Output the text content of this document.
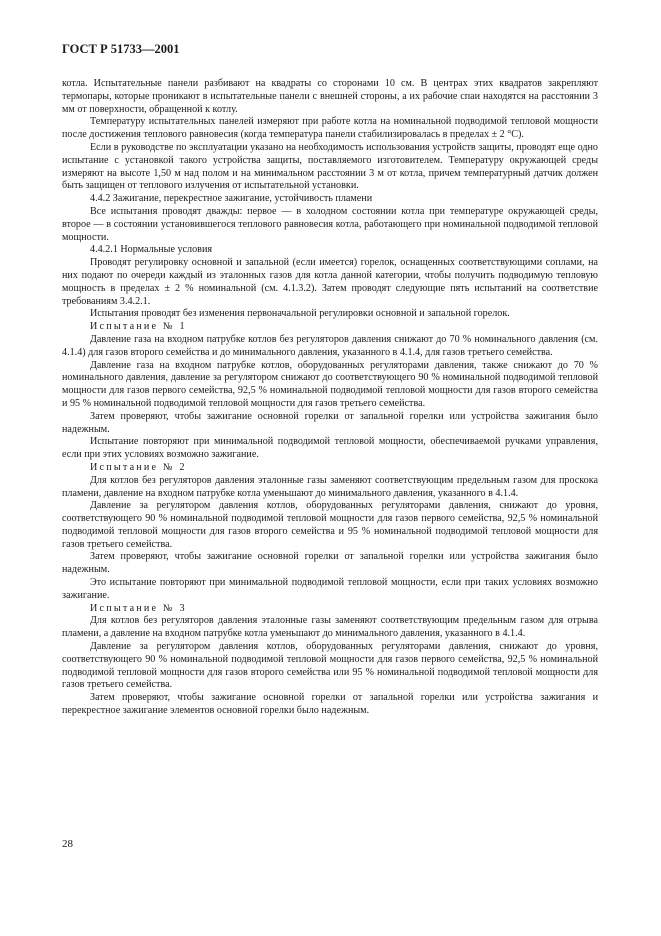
ГОСТ Р 51733—2001

котла. Испытательные панели разбивают на квадраты со сторонами 10 см. В центрах этих квадратов закрепляют термопары, которые проникают в испытательные панели с внешней стороны, а их рабочие спаи находятся на расстоянии 3 мм от поверхности, обращенной к котлу.

Температуру испытательных панелей измеряют при работе котла на номинальной подводимой тепловой мощности после достижения теплового равновесия (когда температура панели стабилизировалась в пределах ± 2 °С).

Если в руководстве по эксплуатации указано на необходимость использования устройств защиты, проводят еще одно испытание с установкой такого устройства защиты, поставляемого изготовителем. Температуру окружающей среды измеряют на высоте 1,50 м над полом и на минимальном расстоянии 3 м от котла, причем температурный датчик должен быть защищен от теплового излучения от испытательной установки.

4.4.2 Зажигание, перекрестное зажигание, устойчивость пламени

Все испытания проводят дважды: первое — в холодном состоянии котла при температуре окружающей среды, второе — в состоянии установившегося теплового равновесия котла, работающего при номинальной подводимой тепловой мощности.

4.4.2.1 Нормальные условия

Проводят регулировку основной и запальной (если имеется) горелок, оснащенных соответствующими соплами, на них подают по очереди каждый из эталонных газов для котла данной категории, чтобы получить подводимую тепловую мощность в пределах ± 2 % номинальной (см. 4.1.3.2). Затем проводят следующие пять испытаний на соответствие требованиям 3.4.2.1.

Испытания проводят без изменения первоначальной регулировки основной и запальной горелок.

Испытание № 1

Давление газа на входном патрубке котлов без регуляторов давления снижают до 70 % номинального давления (см. 4.1.4) для газов второго семейства и до минимального давления, указанного в 4.1.4, для газов третьего семейства.

Давление газа на входном патрубке котлов, оборудованных регуляторами давления, также снижают до 70 % номинального давления, давление за регулятором снижают до соответствующего 90 % номинальной подводимой тепловой мощности для газов первого семейства, 92,5 % номинальной подводимой тепловой мощности для газов второго семейства и 95 % номинальной подводимой тепловой мощности для газов третьего семейства.

Затем проверяют, чтобы зажигание основной горелки от запальной горелки или устройства зажигания было надежным.

Испытание повторяют при минимальной подводимой тепловой мощности, обеспечиваемой ручками управления, если при этих условиях возможно зажигание.

Испытание № 2

Для котлов без регуляторов давления эталонные газы заменяют соответствующим предельным газом для проскока пламени, давление на входном патрубке котла уменьшают до минимального давления, указанного в 4.1.4.

Давление за регулятором давления котлов, оборудованных регуляторами давления, снижают до уровня, соответствующего 90 % номинальной подводимой тепловой мощности для газов первого семейства, 92,5 % номинальной подводимой тепловой мощности для газов второго семейства и 95 % номинальной подводимой тепловой мощности для газов третьего семейства.

Затем проверяют, чтобы зажигание основной горелки от запальной горелки или устройства зажигания было надежным.

Это испытание повторяют при минимальной подводимой тепловой мощности, если при таких условиях возможно зажигание.

Испытание № 3

Для котлов без регуляторов давления эталонные газы заменяют соответствующим предельным газом для отрыва пламени, а давление на входном патрубке котла уменьшают до минимального давления, указанного в 4.1.4.

Давление за регулятором давления котлов, оборудованных регуляторами давления, снижают до уровня, соответствующего 90 % номинальной подводимой тепловой мощности для газов первого семейства, 92,5 % номинальной подводимой тепловой мощности для газов второго семейства или 95 % номинальной подводимой тепловой мощности для газов третьего семейства.

Затем проверяют, чтобы зажигание основной горелки от запальной горелки или устройства зажигания и перекрестное зажигание элементов основной горелки было надежным.

28
